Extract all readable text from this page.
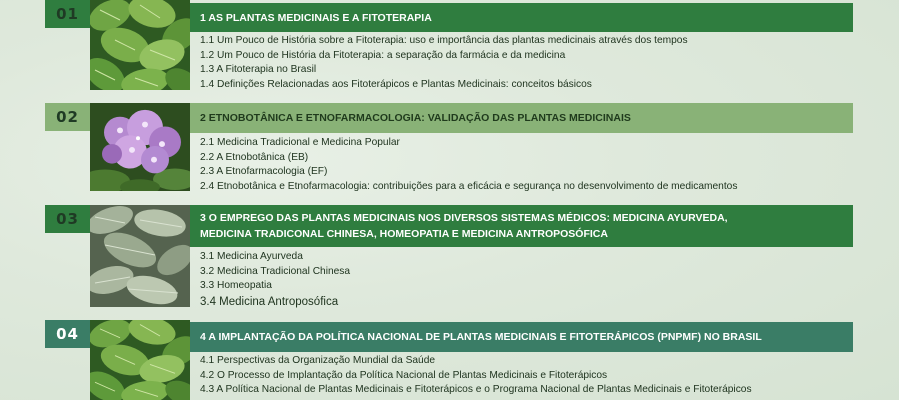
01	1 AS PLANTAS MEDICINAIS E A FITOTERAPIA
1.1 Um Pouco de História sobre a Fitoterapia: uso e importância das plantas medicinais através dos tempos
1.2 Um Pouco de História da Fitoterapia: a separação da farmácia e da medicina
1.3 A Fitoterapia no Brasil
1.4 Definições Relacionadas aos Fitoterápicos e Plantas Medicinais: conceitos básicos
02	2 ETNOBOTÂNICA E ETNOFARMACOLOGIA: VALIDAÇÃO DAS PLANTAS MEDICINAIS
2.1 Medicina Tradicional e Medicina Popular
2.2 A Etnobotânica (EB)
2.3 A Etnofarmacologia (EF)
2.4 Etnobotânica e Etnofarmacologia: contribuições para a eficácia e segurança no desenvolvimento de medicamentos
03	3 O EMPREGO DAS PLANTAS MEDICINAIS NOS DIVERSOS SISTEMAS MÉDICOS: MEDICINA AYURVEDA,
MEDICINA TRADICONAL CHINESA, HOMEOPATIA E MEDICINA ANTROPOSÓFICA
3.1 Medicina Ayurveda
3.2 Medicina Tradicional Chinesa
3.3 Homeopatia
3.4 Medicina Antroposófica
04	4 A IMPLANTAÇÃO DA POLÍTICA NACIONAL DE PLANTAS MEDICINAIS E FITOTERÁPICOS (PNPMF) NO BRASIL
4.1 Perspectivas da Organização Mundial da Saúde
4.2 O Processo de Implantação da Política Nacional de Plantas Medicinais e Fitoterápicos
4.3 A Política Nacional de Plantas Medicinais e Fitoterápicos e o Programa Nacional de Plantas Medicinais e Fitoterápicos
